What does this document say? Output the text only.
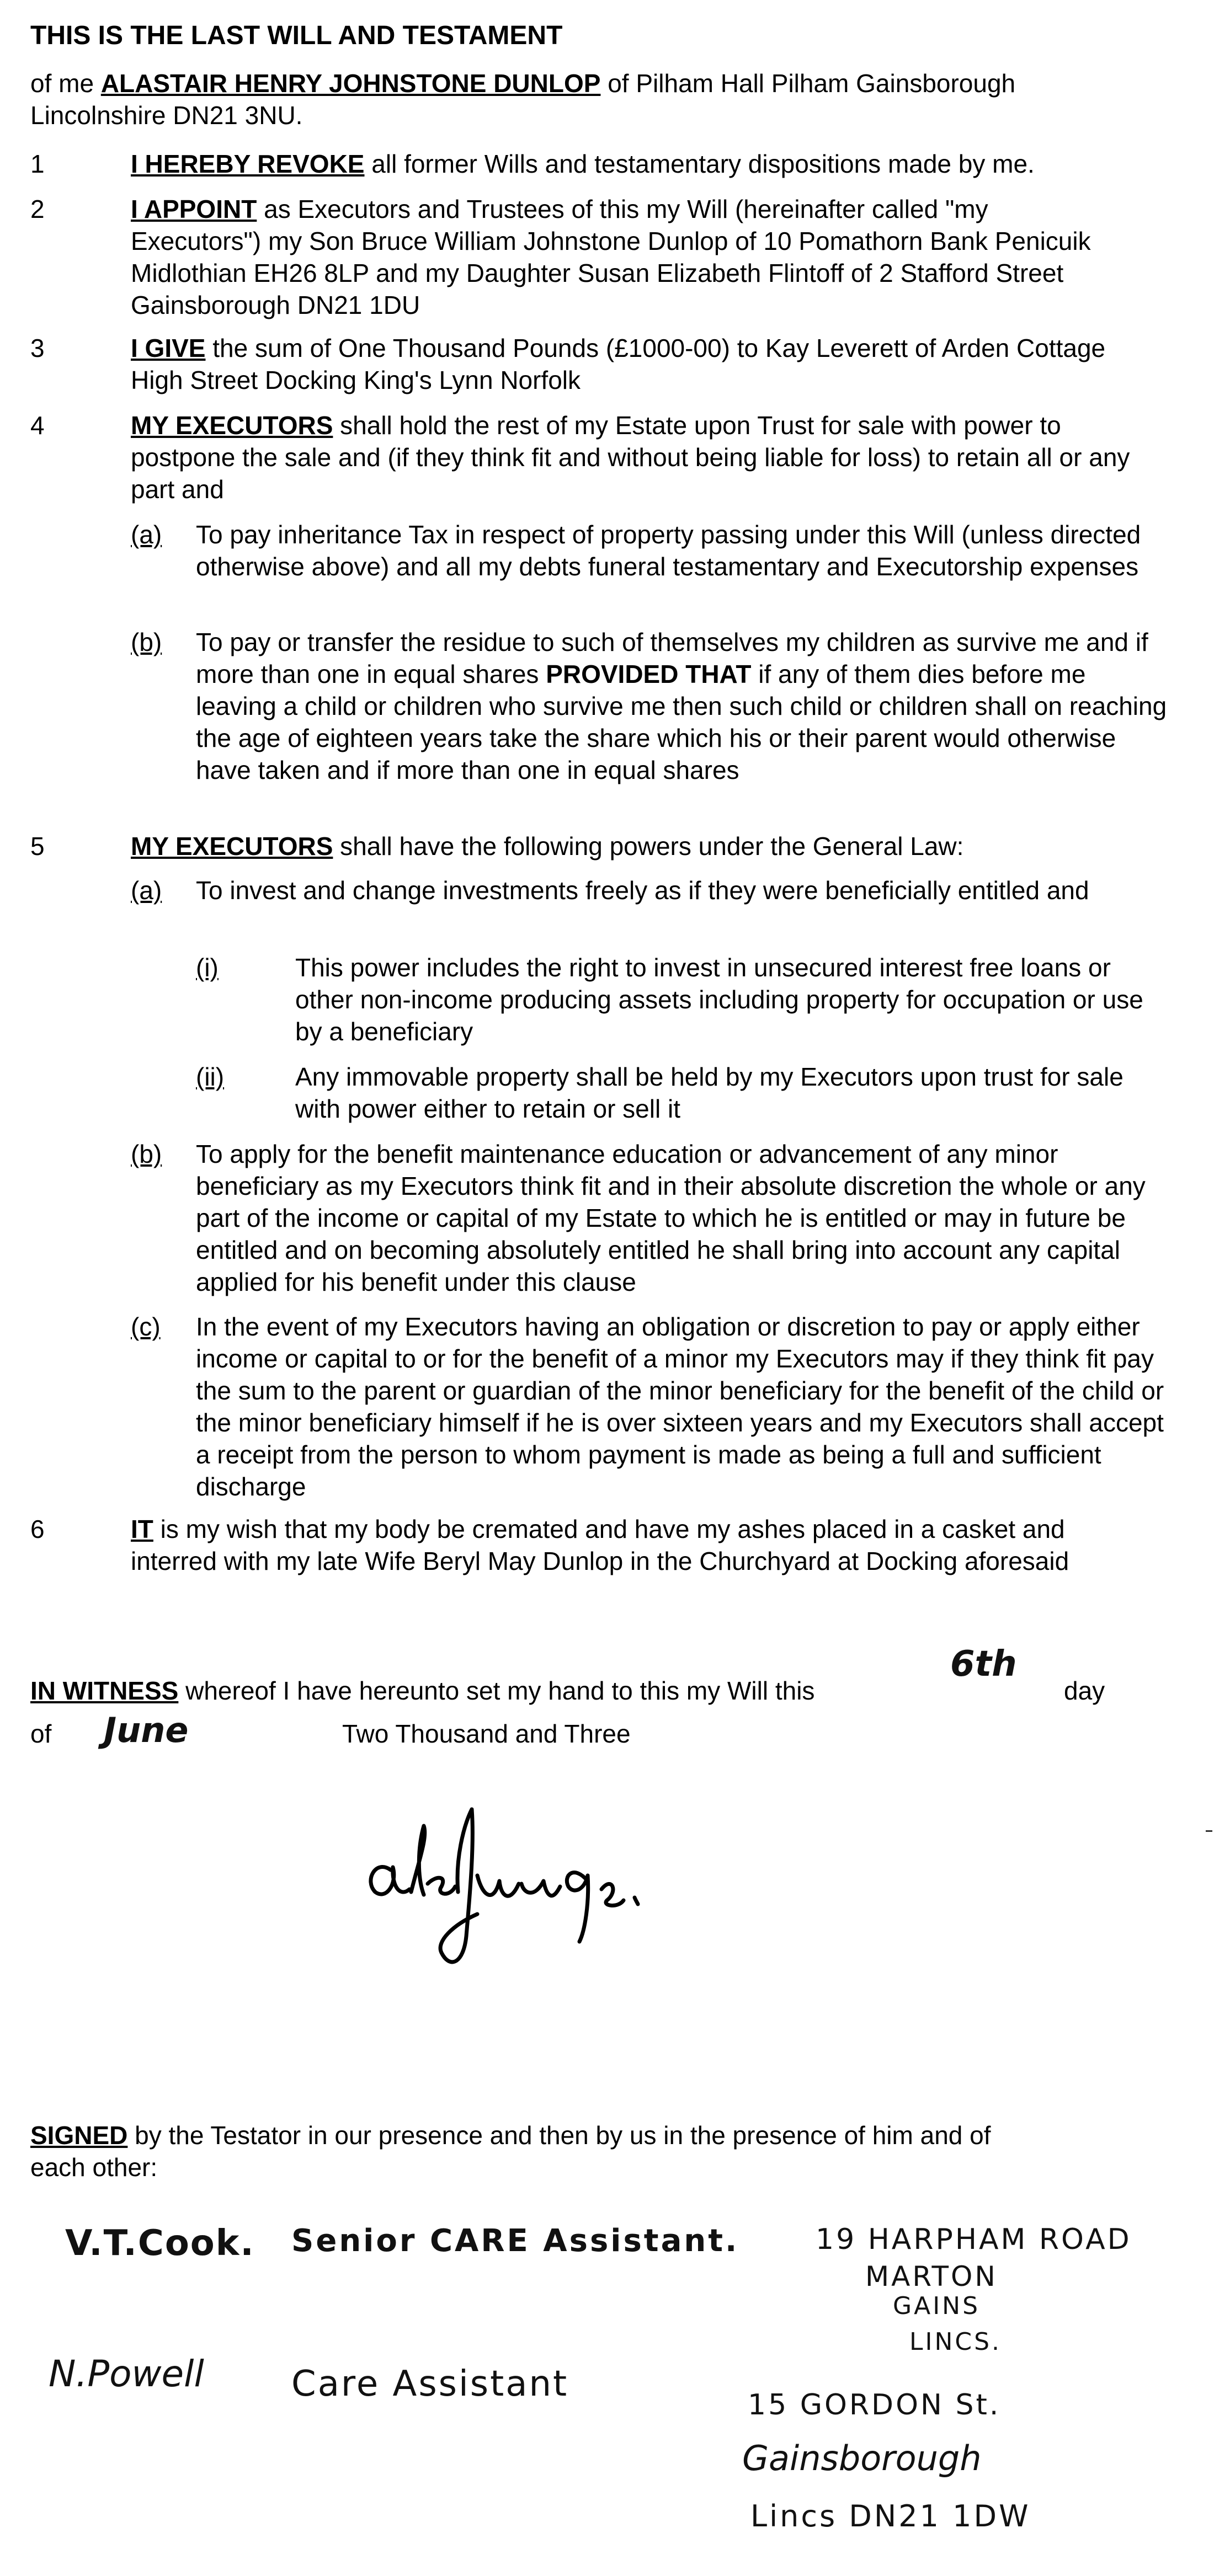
THIS IS THE LAST WILL AND TESTAMENT
of me ALASTAIR HENRY JOHNSTONE DUNLOP of Pilham Hall Pilham Gainsborough
Lincolnshire DN21 3NU.
1	I HEREBY REVOKE all former Wills and testamentary dispositions made by me.
2	I APPOINT as Executors and Trustees of this my Will (hereinafter called "my Executors") my Son Bruce William Johnstone Dunlop of 10 Pomathorn Bank Penicuik Midlothian EH26 8LP and my Daughter Susan Elizabeth Flintoff of 2 Stafford Street Gainsborough DN21 1DU
3	I GIVE the sum of One Thousand Pounds (£1000-00) to Kay Leverett of Arden Cottage High Street Docking King's Lynn Norfolk
4	MY EXECUTORS shall hold the rest of my Estate upon Trust for sale with power to postpone the sale and (if they think fit and without being liable for loss) to retain all or any part and
(a) To pay inheritance Tax in respect of property passing under this Will (unless directed otherwise above) and all my debts funeral testamentary and Executorship expenses
(b) To pay or transfer the residue to such of themselves my children as survive me and if more than one in equal shares PROVIDED THAT if any of them dies before me leaving a child or children who survive me then such child or children shall on reaching the age of eighteen years take the share which his or their parent would otherwise have taken and if more than one in equal shares
5	MY EXECUTORS shall have the following powers under the General Law:
(a) To invest and change investments freely as if they were beneficially entitled and
(i)	This power includes the right to invest in unsecured interest free loans or other non-income producing assets including property for occupation or use by a beneficiary
(ii)	Any immovable property shall be held by my Executors upon trust for sale with power either to retain or sell it
(b) To apply for the benefit maintenance education or advancement of any minor beneficiary as my Executors think fit and in their absolute discretion the whole or any part of the income or capital of my Estate to which he is entitled or may in future be entitled and on becoming absolutely entitled he shall bring into account any capital applied for his benefit under this clause
(c) In the event of my Executors having an obligation or discretion to pay or apply either income or capital to or for the benefit of a minor my Executors may if they think fit pay the sum to the parent or guardian of the minor beneficiary for the benefit of the child or the minor beneficiary himself if he is over sixteen years and my Executors shall accept a receipt from the person to whom payment is made as being a full and sufficient discharge
6	IT is my wish that my body be cremated and have my ashes placed in a casket and interred with my late Wife Beryl May Dunlop in the Churchyard at Docking aforesaid
IN WITNESS whereof I have hereunto set my hand to this my Will this
6th
day
of June	Two Thousand and Three
SIGNED by the Testator in our presence and then by us in the presence of him and of
each other:
V.T.Cook. Senior CARE Assistant.	19 HARPHAM ROAD
MARTON
GAINS
LINCS.
N.Powell Care Assistant
15 GORDON St.
Gainsborough
Lincs DN21 1DW
